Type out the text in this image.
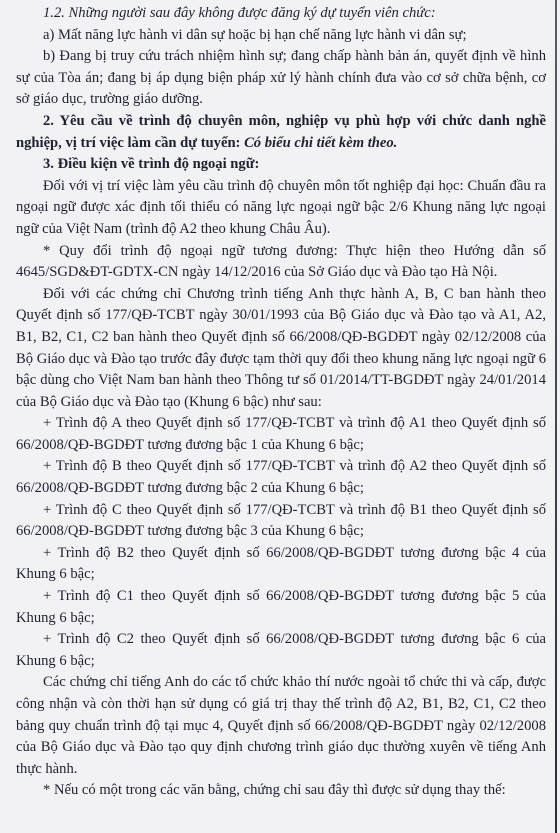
1.2. Những người sau đây không được đăng ký dự tuyển viên chức:

a) Mất năng lực hành vi dân sự hoặc bị hạn chế năng lực hành vi dân sự;

b) Đang bị truy cứu trách nhiệm hình sự; đang chấp hành bản án, quyết định về hình sự của Tòa án; đang bị áp dụng biện pháp xử lý hành chính đưa vào cơ sở chữa bệnh, cơ sở giáo dục, trường giáo dưỡng.

2. Yêu cầu về trình độ chuyên môn, nghiệp vụ phù hợp với chức danh nghề nghiệp, vị trí việc làm cần dự tuyển: Có biểu chi tiết kèm theo.

3. Điều kiện về trình độ ngoại ngữ:

Đối với vị trí việc làm yêu cầu trình độ chuyên môn tốt nghiệp đại học: Chuẩn đầu ra ngoại ngữ được xác định tối thiểu có năng lực ngoại ngữ bậc 2/6 Khung năng lực ngoại ngữ của Việt Nam (trình độ A2 theo khung Châu Âu).

* Quy đổi trình độ ngoại ngữ tương đương: Thực hiện theo Hướng dẫn số 4645/SGD&ĐT-GDTX-CN ngày 14/12/2016 của Sở Giáo dục và Đào tạo Hà Nội.

Đối với các chứng chỉ Chương trình tiếng Anh thực hành A, B, C ban hành theo Quyết định số 177/QĐ-TCBT ngày 30/01/1993 của Bộ Giáo dục và Đào tạo và A1, A2, B1, B2, C1, C2 ban hành theo Quyết định số 66/2008/QĐ-BGDĐT ngày 02/12/2008 của Bộ Giáo dục và Đào tạo trước đây được tạm thời quy đổi theo khung năng lực ngoại ngữ 6 bậc dùng cho Việt Nam ban hành theo Thông tư số 01/2014/TT-BGDĐT ngày 24/01/2014 của Bộ Giáo dục và Đào tạo (Khung 6 bậc) như sau:

+ Trình độ A theo Quyết định số 177/QĐ-TCBT và trình độ A1 theo Quyết định số 66/2008/QĐ-BGDĐT tương đương bậc 1 của Khung 6 bậc;

+ Trình độ B theo Quyết định số 177/QĐ-TCBT và trình độ A2 theo Quyết định số 66/2008/QĐ-BGDĐT tương đương bậc 2 của Khung 6 bậc;

+ Trình độ C theo Quyết định số 177/QĐ-TCBT và trình độ B1 theo Quyết định số 66/2008/QĐ-BGDĐT tương đương bậc 3 của Khung 6 bậc;

+ Trình độ B2 theo Quyết định số 66/2008/QĐ-BGDĐT tương đương bậc 4 của Khung 6 bậc;

+ Trình độ C1 theo Quyết định số 66/2008/QĐ-BGDĐT tương đương bậc 5 của Khung 6 bậc;

+ Trình độ C2 theo Quyết định số 66/2008/QĐ-BGDĐT tương đương bậc 6 của Khung 6 bậc;

Các chứng chỉ tiếng Anh do các tổ chức khảo thí nước ngoài tổ chức thi và cấp, được công nhận và còn thời hạn sử dụng có giá trị thay thế trình độ A2, B1, B2, C1, C2 theo bảng quy chuẩn trình độ tại mục 4, Quyết định số 66/2008/QĐ-BGDĐT ngày 02/12/2008 của Bộ Giáo dục và Đào tạo quy định chương trình giáo dục thường xuyên về tiếng Anh thực hành.

* Nếu có một trong các văn bằng, chứng chỉ sau đây thì được sử dụng thay thế:
